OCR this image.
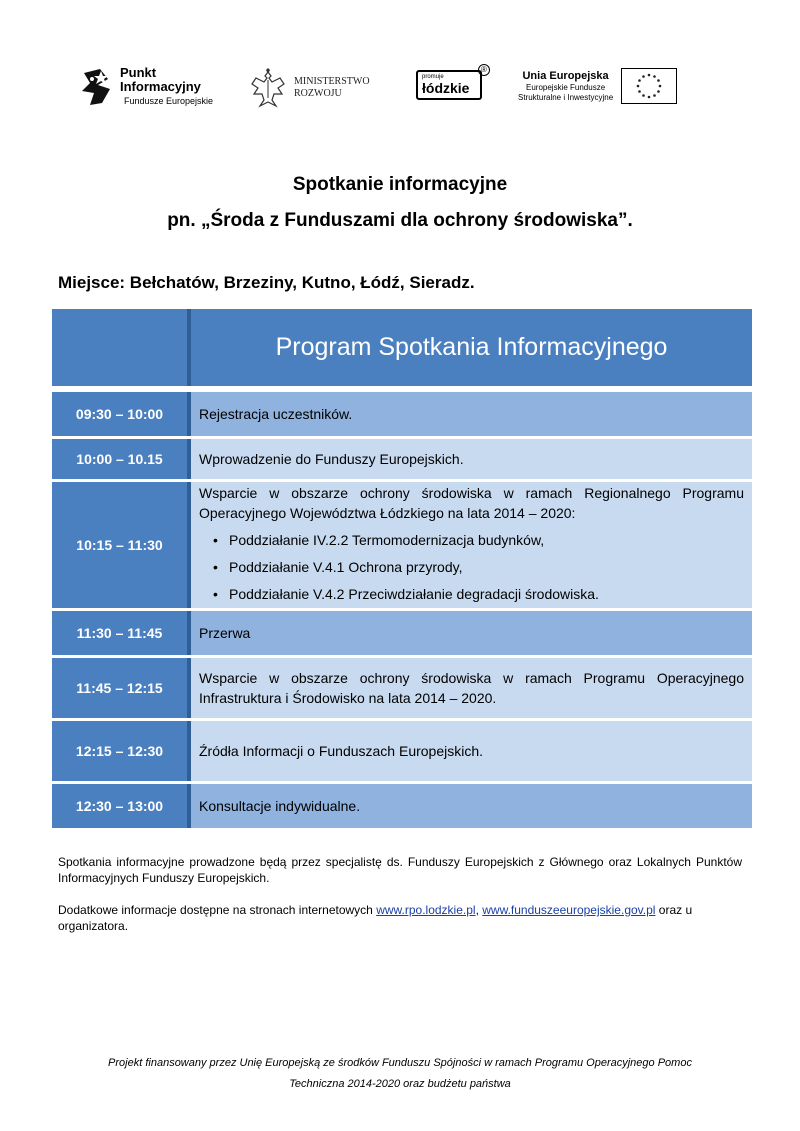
Punkt
Informacyjny
Fundusze Europejskie
MINISTERSTWO
ROZWOJU
promuje
łódzkie
®
Unia Europejska
Europejskie Fundusze
Strukturalne i Inwestycyjne
Spotkanie informacyjne
pn. „Środa z Funduszami dla ochrony środowiska”.
Miejsce: Bełchatów, Brzeziny, Kutno, Łódź, Sieradz.
Program Spotkania Informacyjnego
09:30 – 10:00	Rejestracja uczestników.
10:00 – 10.15	Wprowadzenie do Funduszy Europejskich.
10:15 – 11:30
Wsparcie w obszarze ochrony środowiska w ramach Regionalnego Programu Operacyjnego Województwa Łódzkiego na lata 2014 – 2020:
• Poddziałanie IV.2.2 Termomodernizacja budynków,
• Poddziałanie V.4.1 Ochrona przyrody,
• Poddziałanie V.4.2 Przeciwdziałanie degradacji środowiska.
11:30 – 11:45	Przerwa
11:45 – 12:15
Wsparcie w obszarze ochrony środowiska w ramach Programu Operacyjnego Infrastruktura i Środowisko na lata 2014 – 2020.
12:15 – 12:30	Źródła Informacji o Funduszach Europejskich.
12:30 – 13:00	Konsultacje indywidualne.
Spotkania informacyjne prowadzone będą przez specjalistę ds. Funduszy Europejskich z Głównego oraz Lokalnych Punktów Informacyjnych Funduszy Europejskich.
Dodatkowe informacje dostępne na stronach internetowych www.rpo.lodzkie.pl, www.funduszeeuropejskie.gov.pl oraz u organizatora.
Projekt finansowany przez Unię Europejską ze środków Funduszu Spójności w ramach Programu Operacyjnego Pomoc
Techniczna 2014-2020 oraz budżetu państwa
